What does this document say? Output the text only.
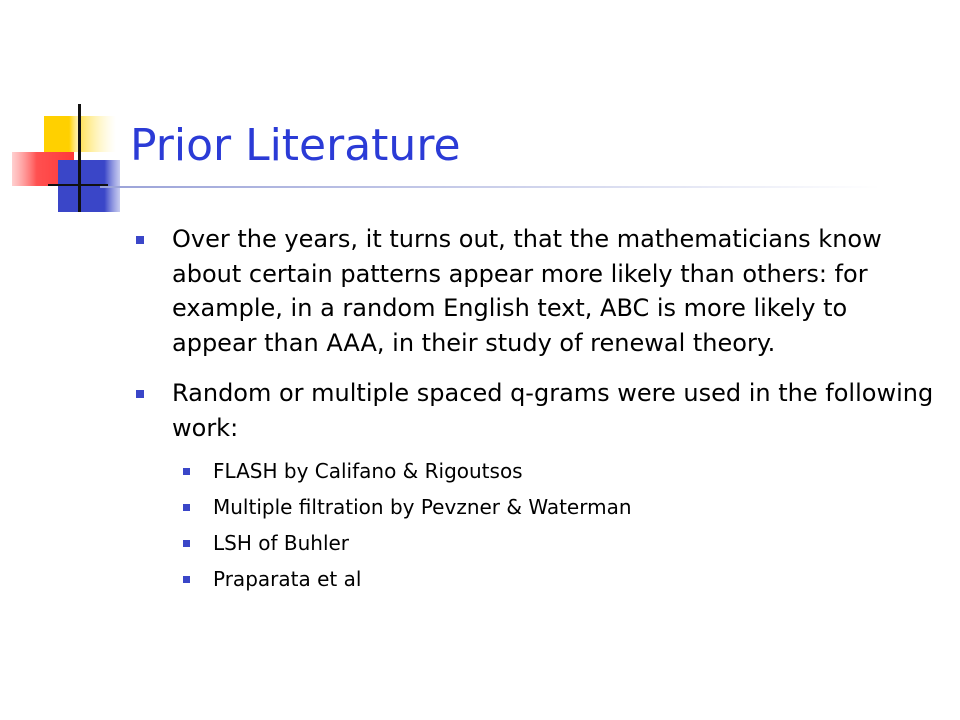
Prior Literature
Over the years, it turns out, that the mathematicians know about certain patterns appear more likely than others: for example, in a random English text, ABC is more likely to appear than AAA, in their study of renewal theory.
Random or multiple spaced q-grams were used in the following work:
FLASH by Califano & Rigoutsos
Multiple filtration by Pevzner & Waterman
LSH of Buhler
Praparata et al
